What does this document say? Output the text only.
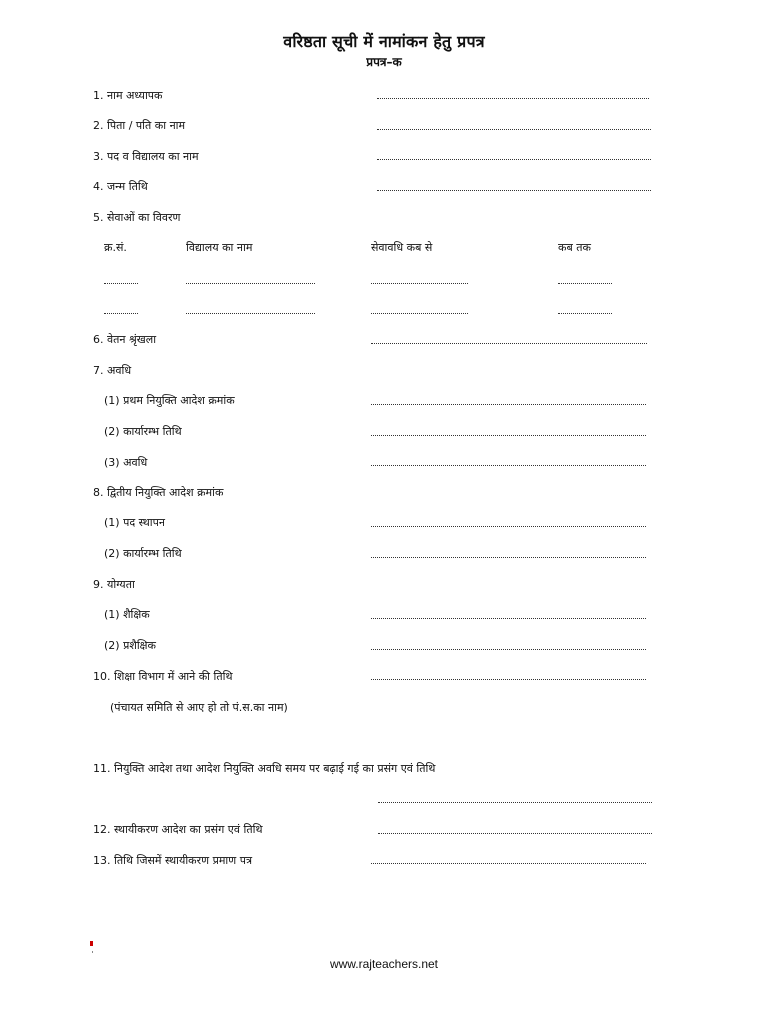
वरिष्ठता सूची में नामांकन हेतु प्रपत्र
प्रपत्र–क
1. नाम अध्यापक
2. पिता / पति का नाम
3. पद व विद्यालय का नाम
4. जन्म तिथि
5. सेवाओं का विवरण
क्र.सं.	विद्यालय का नाम	सेवावधि कब से	कब तक
6. वेतन श्रृंखला
7. अवधि
(1) प्रथम नियुक्ति आदेश क्रमांक
(2) कार्यारम्भ तिथि
(3) अवधि
8. द्वितीय नियुक्ति आदेश क्रमांक
(1) पद स्थापन
(2) कार्यारम्भ तिथि
9. योग्यता
(1) शैक्षिक
(2) प्रशैक्षिक
10. शिक्षा विभाग में आने की तिथि
(पंचायत समिति से आए हो तो पं.स.का नाम)
11. नियुक्ति आदेश तथा आदेश नियुक्ति अवधि समय पर बढ़ाई गई का प्रसंग एवं तिथि
12. स्थायीकरण आदेश का प्रसंग एवं तिथि
13. तिथि जिसमें स्थायीकरण प्रमाण पत्र
www.rajteachers.net
